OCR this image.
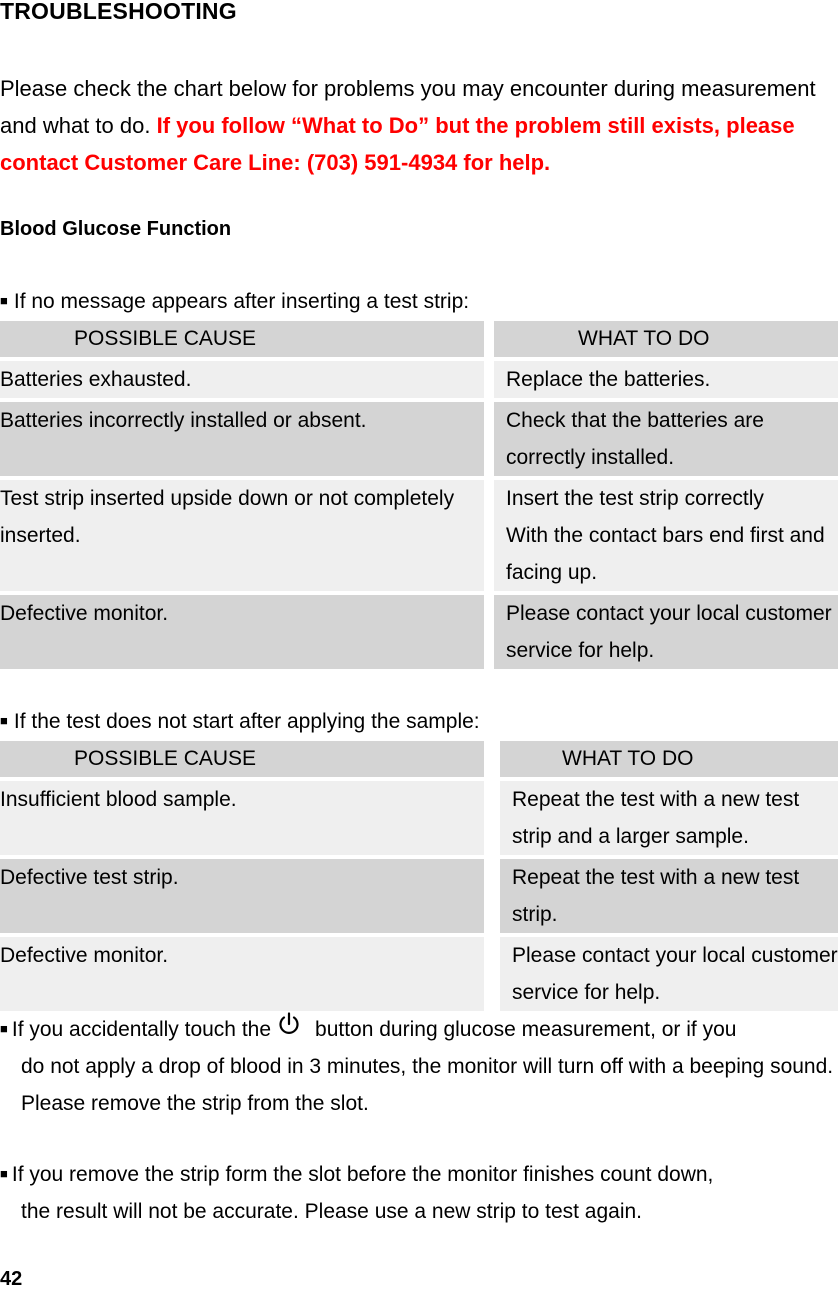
TROUBLESHOOTING

Please check the chart below for problems you may encounter during measurement and what to do. If you follow “What to Do” but the problem still exists, please contact Customer Care Line: (703) 591-4934 for help.

Blood Glucose Function

■ If no message appears after inserting a test strip:

POSSIBLE CAUSE		WHAT TO DO
Batteries exhausted.		Replace the batteries.
Batteries incorrectly installed or absent.		Check that the batteries are correctly installed.
Test strip inserted upside down or not completely inserted.		Insert the test strip correctly
With the contact bars end first and facing up.
Defective monitor.		Please contact your local customer service for help.

■ If the test does not start after applying the sample:

POSSIBLE CAUSE		WHAT TO DO
Insufficient blood sample.		Repeat the test with a new test strip and a larger sample.
Defective test strip.		Repeat the test with a new test strip.
Defective monitor.		Please contact your local customer service for help.

■ If you accidentally touch the button during glucose measurement, or if you
do not apply a drop of blood in 3 minutes, the monitor will turn off with a beeping sound. Please remove the strip from the slot.

■ If you remove the strip form the slot before the monitor finishes count down,
the result will not be accurate. Please use a new strip to test again.

42
